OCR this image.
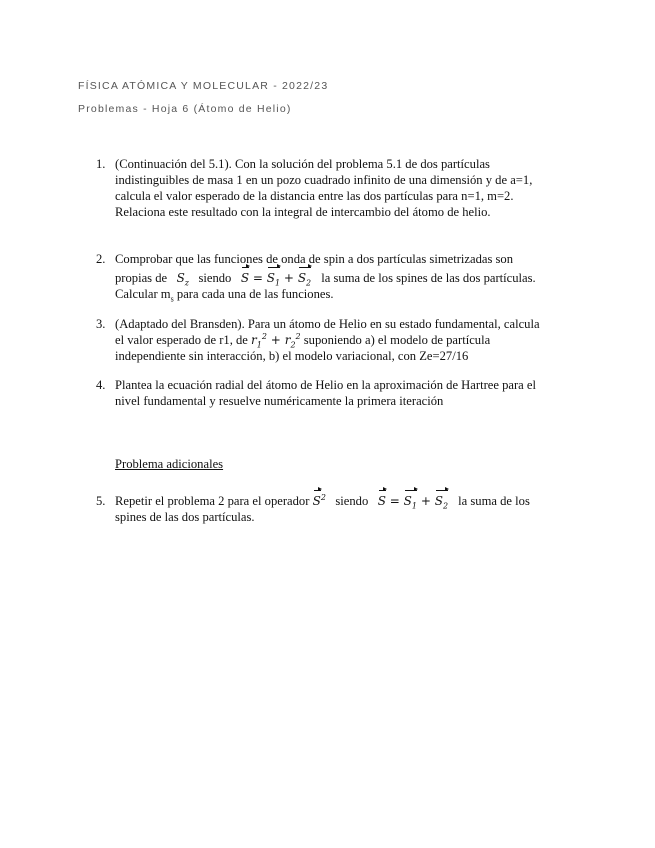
FÍSICA ATÓMICA Y MOLECULAR - 2022/23
Problemas - Hoja 6 (Átomo de Helio)
1. (Continuación del 5.1). Con la solución del problema 5.1 de dos partículas
indistinguibles de masa 1 en un pozo cuadrado infinito de una dimensión y de a=1,
calcula el valor esperado de la distancia entre las dos partículas para n=1, m=2.
Relaciona este resultado con la integral de intercambio del átomo de helio.
2. Comprobar que las funciones de onda de spin a dos partículas simetrizadas son
propias de $S_z$ siendo $S = S_1 + S_2$ la suma de los spines de las dos partículas.
Calcular $m_s$ para cada una de las funciones.
3. (Adaptado del Bransden). Para un átomo de Helio en su estado fundamental, calcula
el valor esperado de r1, de $r_1^2 + r_2^2$ suponiendo a) el modelo de partícula
independiente sin interacción, b) el modelo variacional, con Ze=27/16
4. Plantea la ecuación radial del átomo de Helio en la aproximación de Hartree para el
nivel fundamental y resuelve numéricamente la primera iteración
Problema adicionales
5. Repetir el problema 2 para el operador $S^2$ siendo $S = S_1 + S_2$ la suma de los
spines de las dos partículas.
